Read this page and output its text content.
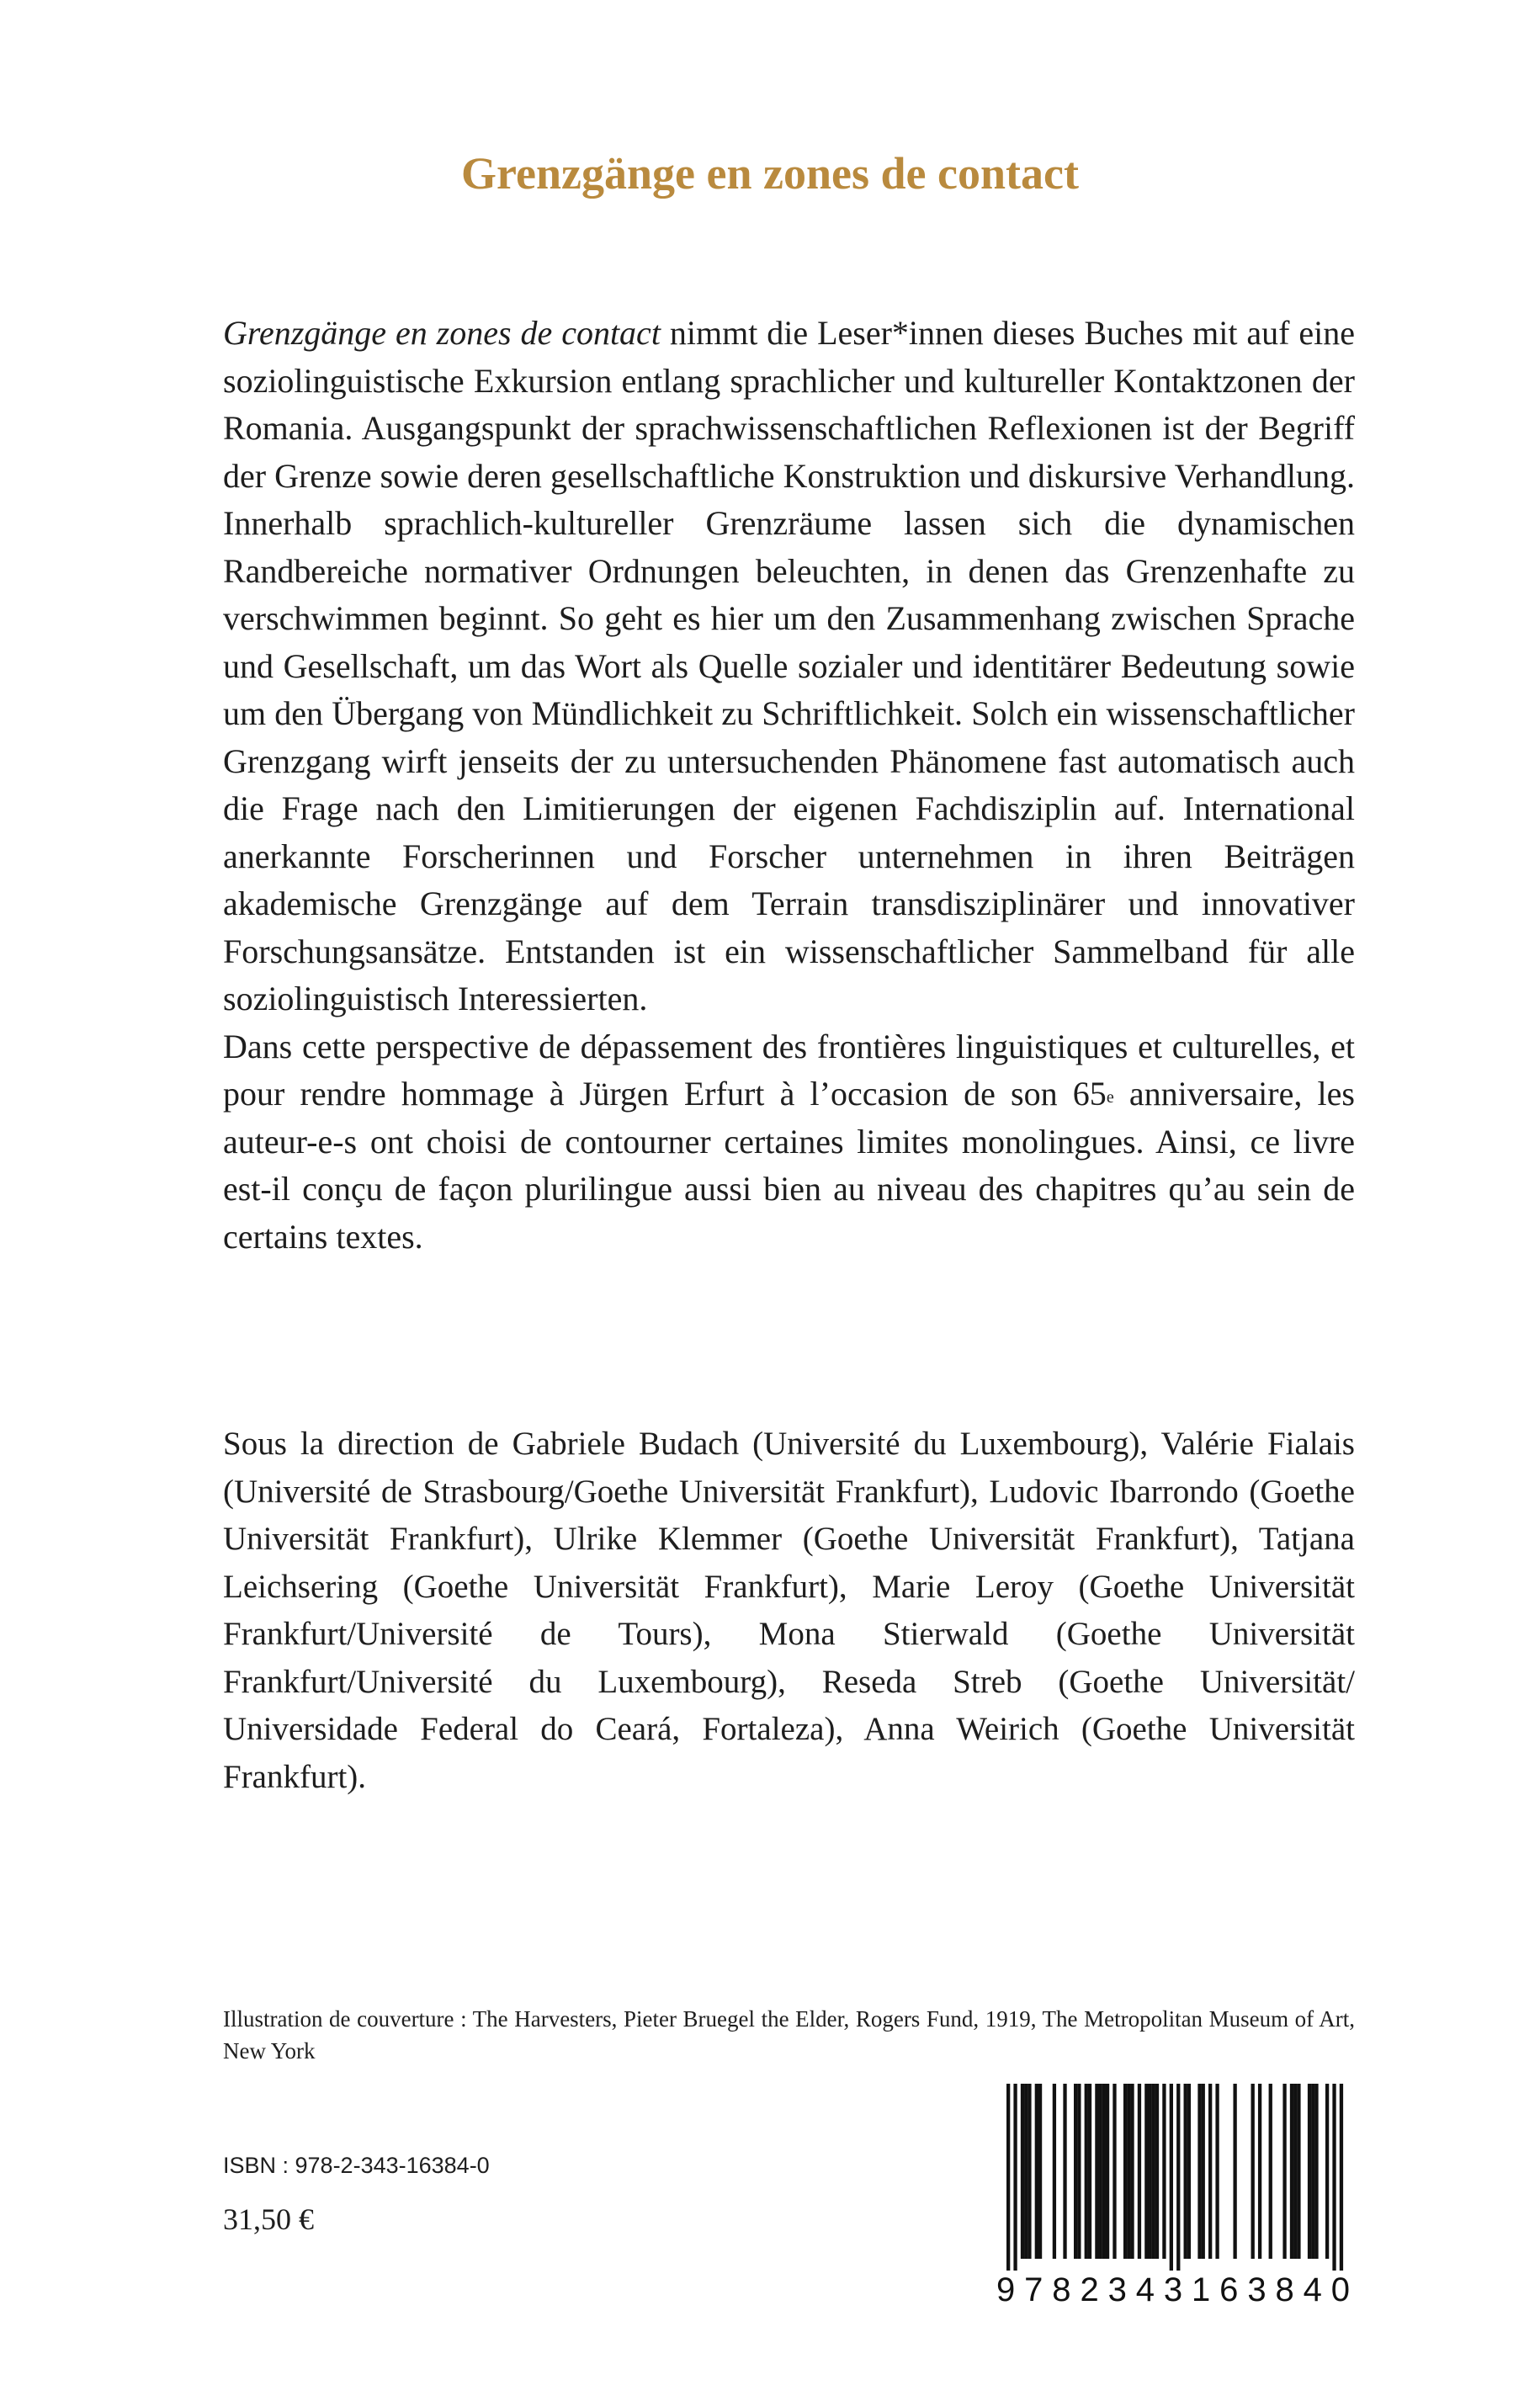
Grenzgänge en zones de contact

Grenzgänge en zones de contact nimmt die Leser*innen dieses Buches mit auf eine soziolinguistische Exkursion entlang sprachlicher und kultureller Kontaktzonen der Romania. Ausgangspunkt der sprachwissenschaftlichen Reflexionen ist der Begriff der Grenze sowie deren gesellschaftliche Konstruktion und diskursive Verhandlung. Innerhalb sprachlich-kultureller Grenzräume lassen sich die dynamischen Randbereiche normativer Ordnungen beleuchten, in denen das Grenzenhafte zu verschwimmen beginnt. So geht es hier um den Zusammenhang zwischen Sprache und Gesellschaft, um das Wort als Quelle sozialer und identitärer Bedeutung sowie um den Übergang von Mündlichkeit zu Schriftlichkeit. Solch ein wissenschaftlicher Grenzgang wirft jenseits der zu untersuchenden Phänomene fast automatisch auch die Frage nach den Limitierungen der eigenen Fachdisziplin auf. International anerkannte Forscherinnen und Forscher unternehmen in ihren Beiträgen akademische Grenzgänge auf dem Terrain transdisziplinärer und innovativer Forschungsansätze. Entstanden ist ein wissenschaftlicher Sammelband für alle soziolinguistisch Interessierten.

Dans cette perspective de dépassement des frontières linguistiques et culturelles, et pour rendre hommage à Jürgen Erfurt à l’occasion de son 65e anniversaire, les auteur-e-s ont choisi de contourner certaines limites monolingues. Ainsi, ce livre est-il conçu de façon plurilingue aussi bien au niveau des chapitres qu’au sein de certains textes.

Sous la direction de Gabriele Budach (Université du Luxembourg), Valérie Fialais (Université de Strasbourg/Goethe Universität Frankfurt), Ludovic Ibarrondo (Goethe Universität Frankfurt), Ulrike Klemmer (Goethe Universität Frankfurt), Tatjana Leichsering (Goethe Universität Frankfurt), Marie Leroy (Goethe Universität Frankfurt/Université de Tours), Mona Stierwald (Goethe Universität Frankfurt/Université du Luxembourg), Reseda Streb (Goethe Universität/ Universidade Federal do Ceará, Fortaleza), Anna Weirich (Goethe Universität Frankfurt).

Illustration de couverture : The Harvesters, Pieter Bruegel the Elder, Rogers Fund, 1919, The Metropolitan Museum of Art, New York

ISBN : 978-2-343-16384-0

31,50 €

9782343163840
